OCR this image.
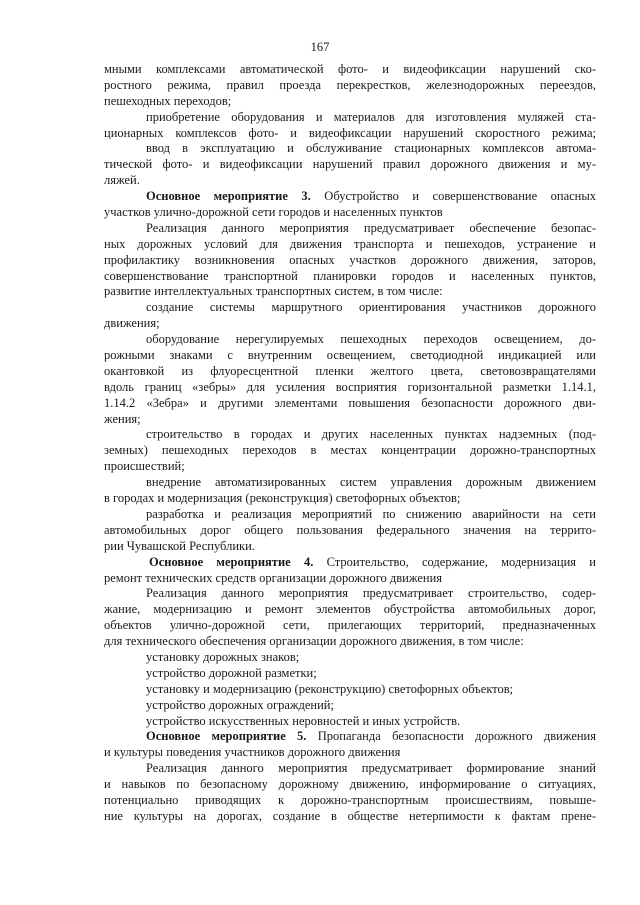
167
мными комплексами автоматической фото- и видеофиксации нарушений ско-
ростного режима, правил проезда перекрестков, железнодорожных переездов,
пешеходных переходов;
приобретение оборудования и материалов для изготовления муляжей ста-
ционарных комплексов фото- и видеофиксации нарушений скоростного режима;
ввод в эксплуатацию и обслуживание стационарных комплексов автома-
тической фото- и видеофиксации нарушений правил дорожного движения и му-
ляжей.
Основное мероприятие 3. Обустройство и совершенствование опасных
участков улично-дорожной сети городов и населенных пунктов
Реализация данного мероприятия предусматривает обеспечение безопас-
ных дорожных условий для движения транспорта и пешеходов, устранение и
профилактику возникновения опасных участков дорожного движения, заторов,
совершенствование транспортной планировки городов и населенных пунктов,
развитие интеллектуальных транспортных систем, в том числе:
создание системы маршрутного ориентирования участников дорожного
движения;
оборудование нерегулируемых пешеходных переходов освещением, до-
рожными знаками с внутренним освещением, светодиодной индикацией или
окантовкой из флуоресцентной пленки желтого цвета, световозвращателями
вдоль границ «зебры» для усиления восприятия горизонтальной разметки 1.14.1,
1.14.2 «Зебра» и другими элементами повышения безопасности дорожного дви-
жения;
строительство в городах и других населенных пунктах надземных (под-
земных) пешеходных переходов в местах концентрации дорожно-транспортных
происшествий;
внедрение автоматизированных систем управления дорожным движением
в городах и модернизация (реконструкция) светофорных объектов;
разработка и реализация мероприятий по снижению аварийности на сети
автомобильных дорог общего пользования федерального значения на террито-
рии Чувашской Республики.
Основное мероприятие 4. Строительство, содержание, модернизация и
ремонт технических средств организации дорожного движения
Реализация данного мероприятия предусматривает строительство, содер-
жание, модернизацию и ремонт элементов обустройства автомобильных дорог,
объектов улично-дорожной сети, прилегающих территорий, предназначенных
для технического обеспечения организации дорожного движения, в том числе:
установку дорожных знаков;
устройство дорожной разметки;
установку и модернизацию (реконструкцию) светофорных объектов;
устройство дорожных ограждений;
устройство искусственных неровностей и иных устройств.
Основное мероприятие 5. Пропаганда безопасности дорожного движения
и культуры поведения участников дорожного движения
Реализация данного мероприятия предусматривает формирование знаний
и навыков по безопасному дорожному движению, информирование о ситуациях,
потенциально приводящих к дорожно-транспортным происшествиям, повыше-
ние культуры на дорогах, создание в обществе нетерпимости к фактам прене-
